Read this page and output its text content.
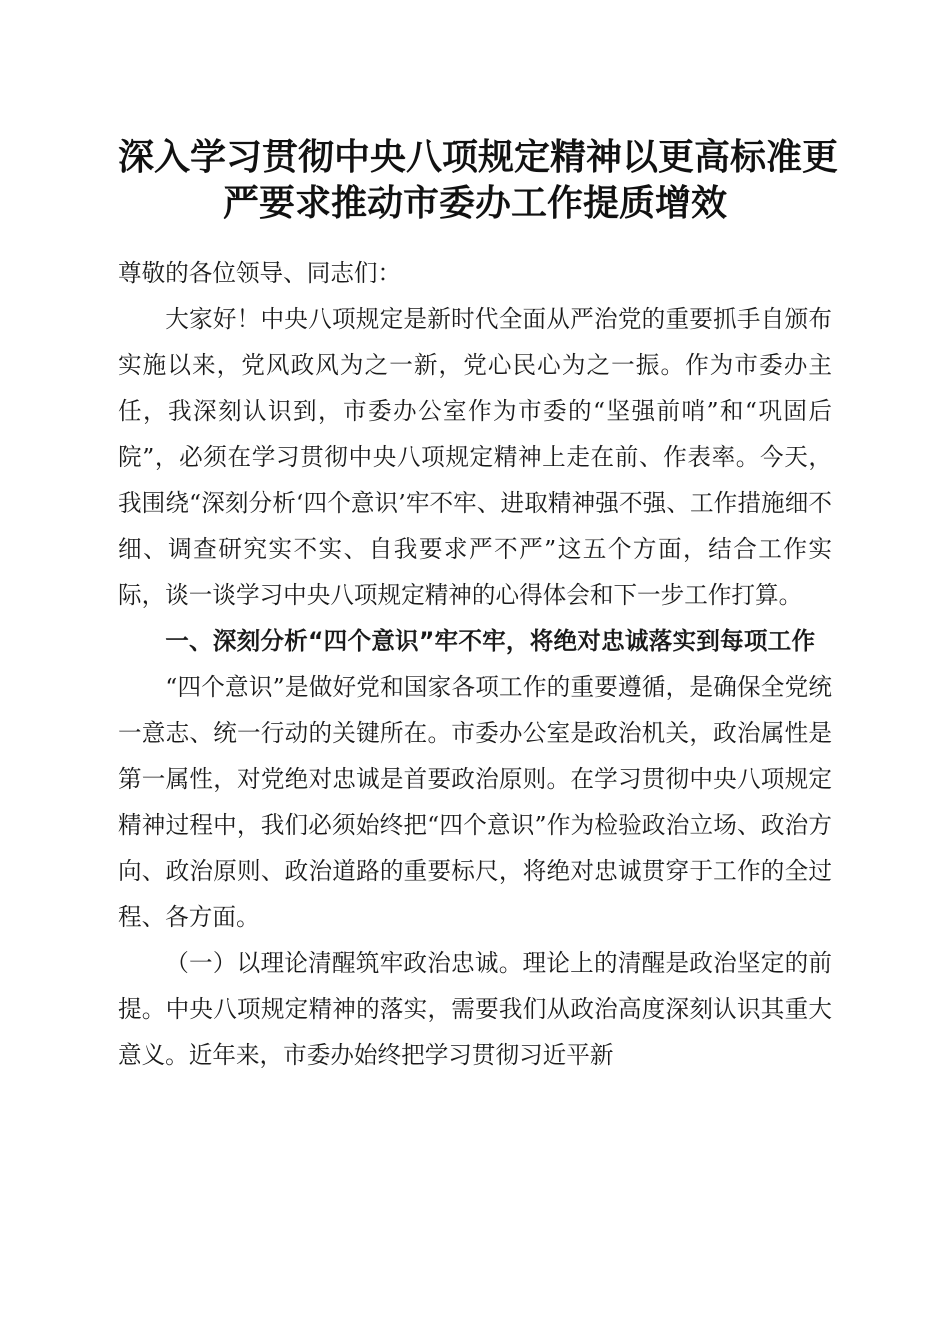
深入学习贯彻中央八项规定精神以更高标准更
严要求推动市委办工作提质增效

尊敬的各位领导、同志们：

大家好！中央八项规定是新时代全面从严治党的重要抓手自颁布实施以来，党风政风为之一新，党心民心为之一振。作为市委办主任，我深刻认识到，市委办公室作为市委的“坚强前哨”和“巩固后院”，必须在学习贯彻中央八项规定精神上走在前、作表率。今天，我围绕“深刻分析‘四个意识’牢不牢、进取精神强不强、工作措施细不细、调查研究实不实、自我要求严不严”这五个方面，结合工作实际，谈一谈学习中央八项规定精神的心得体会和下一步工作打算。

一、深刻分析“四个意识”牢不牢，将绝对忠诚落实到每项工作

“四个意识”是做好党和国家各项工作的重要遵循，是确保全党统一意志、统一行动的关键所在。市委办公室是政治机关，政治属性是第一属性，对党绝对忠诚是首要政治原则。在学习贯彻中央八项规定精神过程中，我们必须始终把“四个意识”作为检验政治立场、政治方向、政治原则、政治道路的重要标尺，将绝对忠诚贯穿于工作的全过程、各方面。

（一）以理论清醒筑牢政治忠诚。理论上的清醒是政治坚定的前提。中央八项规定精神的落实，需要我们从政治高度深刻认识其重大意义。近年来，市委办始终把学习贯彻习近平新
